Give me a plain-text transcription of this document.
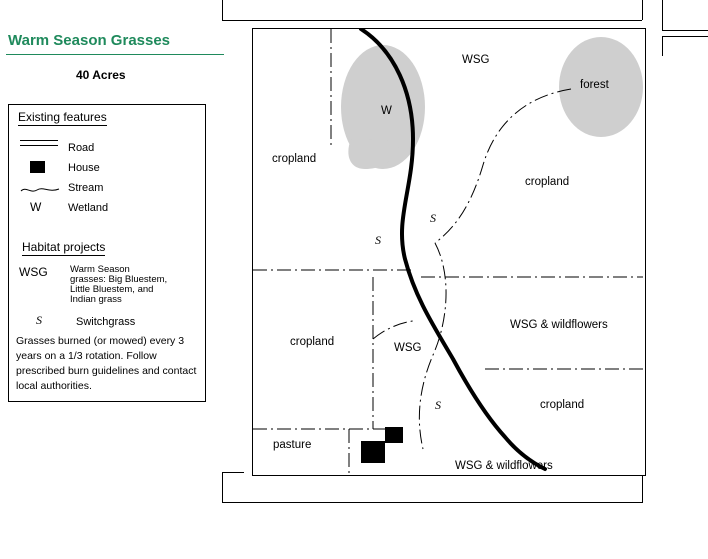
Warm Season Grasses
40 Acres
Existing features
Road
House
Stream
W Wetland
Habitat projects
WSG Warm Season
grasses: Big Bluestem,
Little Bluestem, and
Indian grass
S	Switchgrass
Grasses burned (or mowed) every 3 years on a 1/3 rotation. Follow prescribed burn guidelines and contact local authorities.
WSG
forest
W
cropland
cropland
S
S
WSG & wildflowers
cropland	WSG
S	cropland
pasture
WSG & wildflowers
